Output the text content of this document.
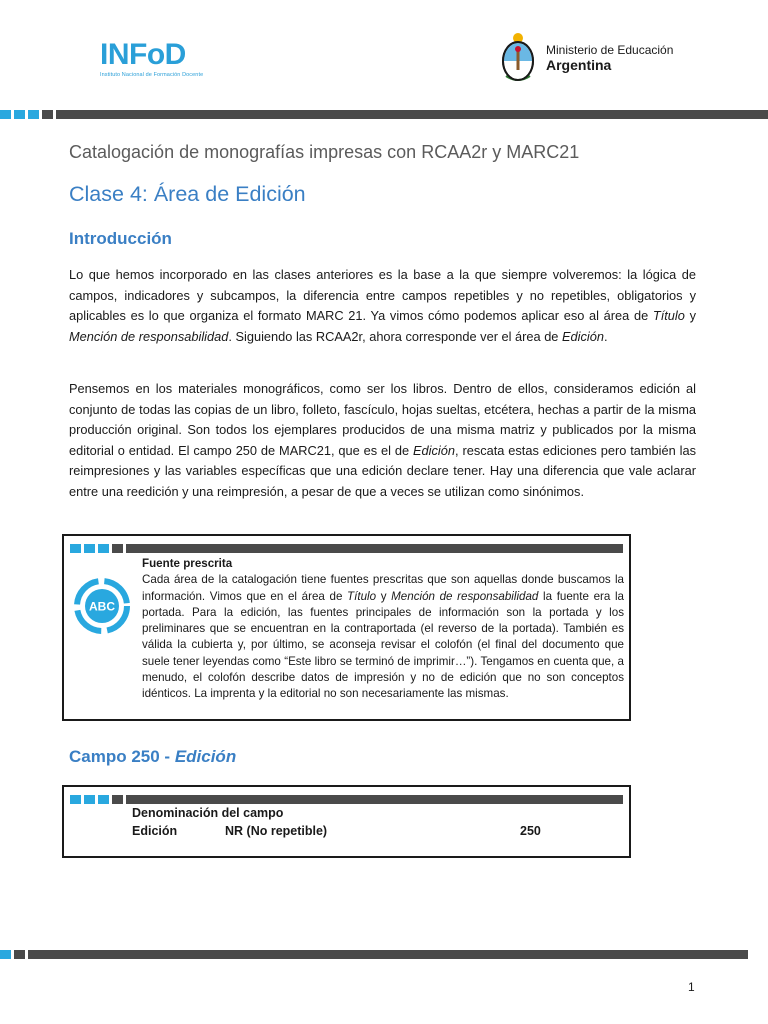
INFoD
Instituto Nacional de Formación Docente
Ministerio de Educación
Argentina
Catalogación de monografías impresas con RCAA2r y MARC21
Clase 4: Área de Edición
Introducción
Lo que hemos incorporado en las clases anteriores es la base a la que siempre volveremos: la lógica de campos, indicadores y subcampos, la diferencia entre campos repetibles y no repetibles, obligatorios y aplicables es lo que organiza el formato MARC 21. Ya vimos cómo podemos aplicar eso al área de Título y Mención de responsabilidad. Siguiendo las RCAA2r, ahora corresponde ver el área de Edición.
Pensemos en los materiales monográficos, como ser los libros. Dentro de ellos, consideramos edición al conjunto de todas las copias de un libro, folleto, fascículo, hojas sueltas, etcétera, hechas a partir de la misma producción original. Son todos los ejemplares producidos de una misma matriz y publicados por la misma editorial o entidad. El campo 250 de MARC21, que es el de Edición, rescata estas ediciones pero también las reimpresiones y las variables específicas que una edición declare tener. Hay una diferencia que vale aclarar entre una reedición y una reimpresión, a pesar de que a veces se utilizan como sinónimos.
ABC
Fuente prescrita
Cada área de la catalogación tiene fuentes prescritas que son aquellas donde buscamos la información. Vimos que en el área de Título y Mención de responsabilidad la fuente era la portada. Para la edición, las fuentes principales de información son la portada y los preliminares que se encuentran en la contraportada (el reverso de la portada). También es válida la cubierta y, por último, se aconseja revisar el colofón (el final del documento que suele tener leyendas como “Este libro se terminó de imprimir…”). Tengamos en cuenta que, a menudo, el colofón describe datos de impresión y no de edición que no son conceptos idénticos. La imprenta y la editorial no son necesariamente las mismas.
Campo 250 - Edición
Denominación del campo
Edición	NR (No repetible)	250
1
